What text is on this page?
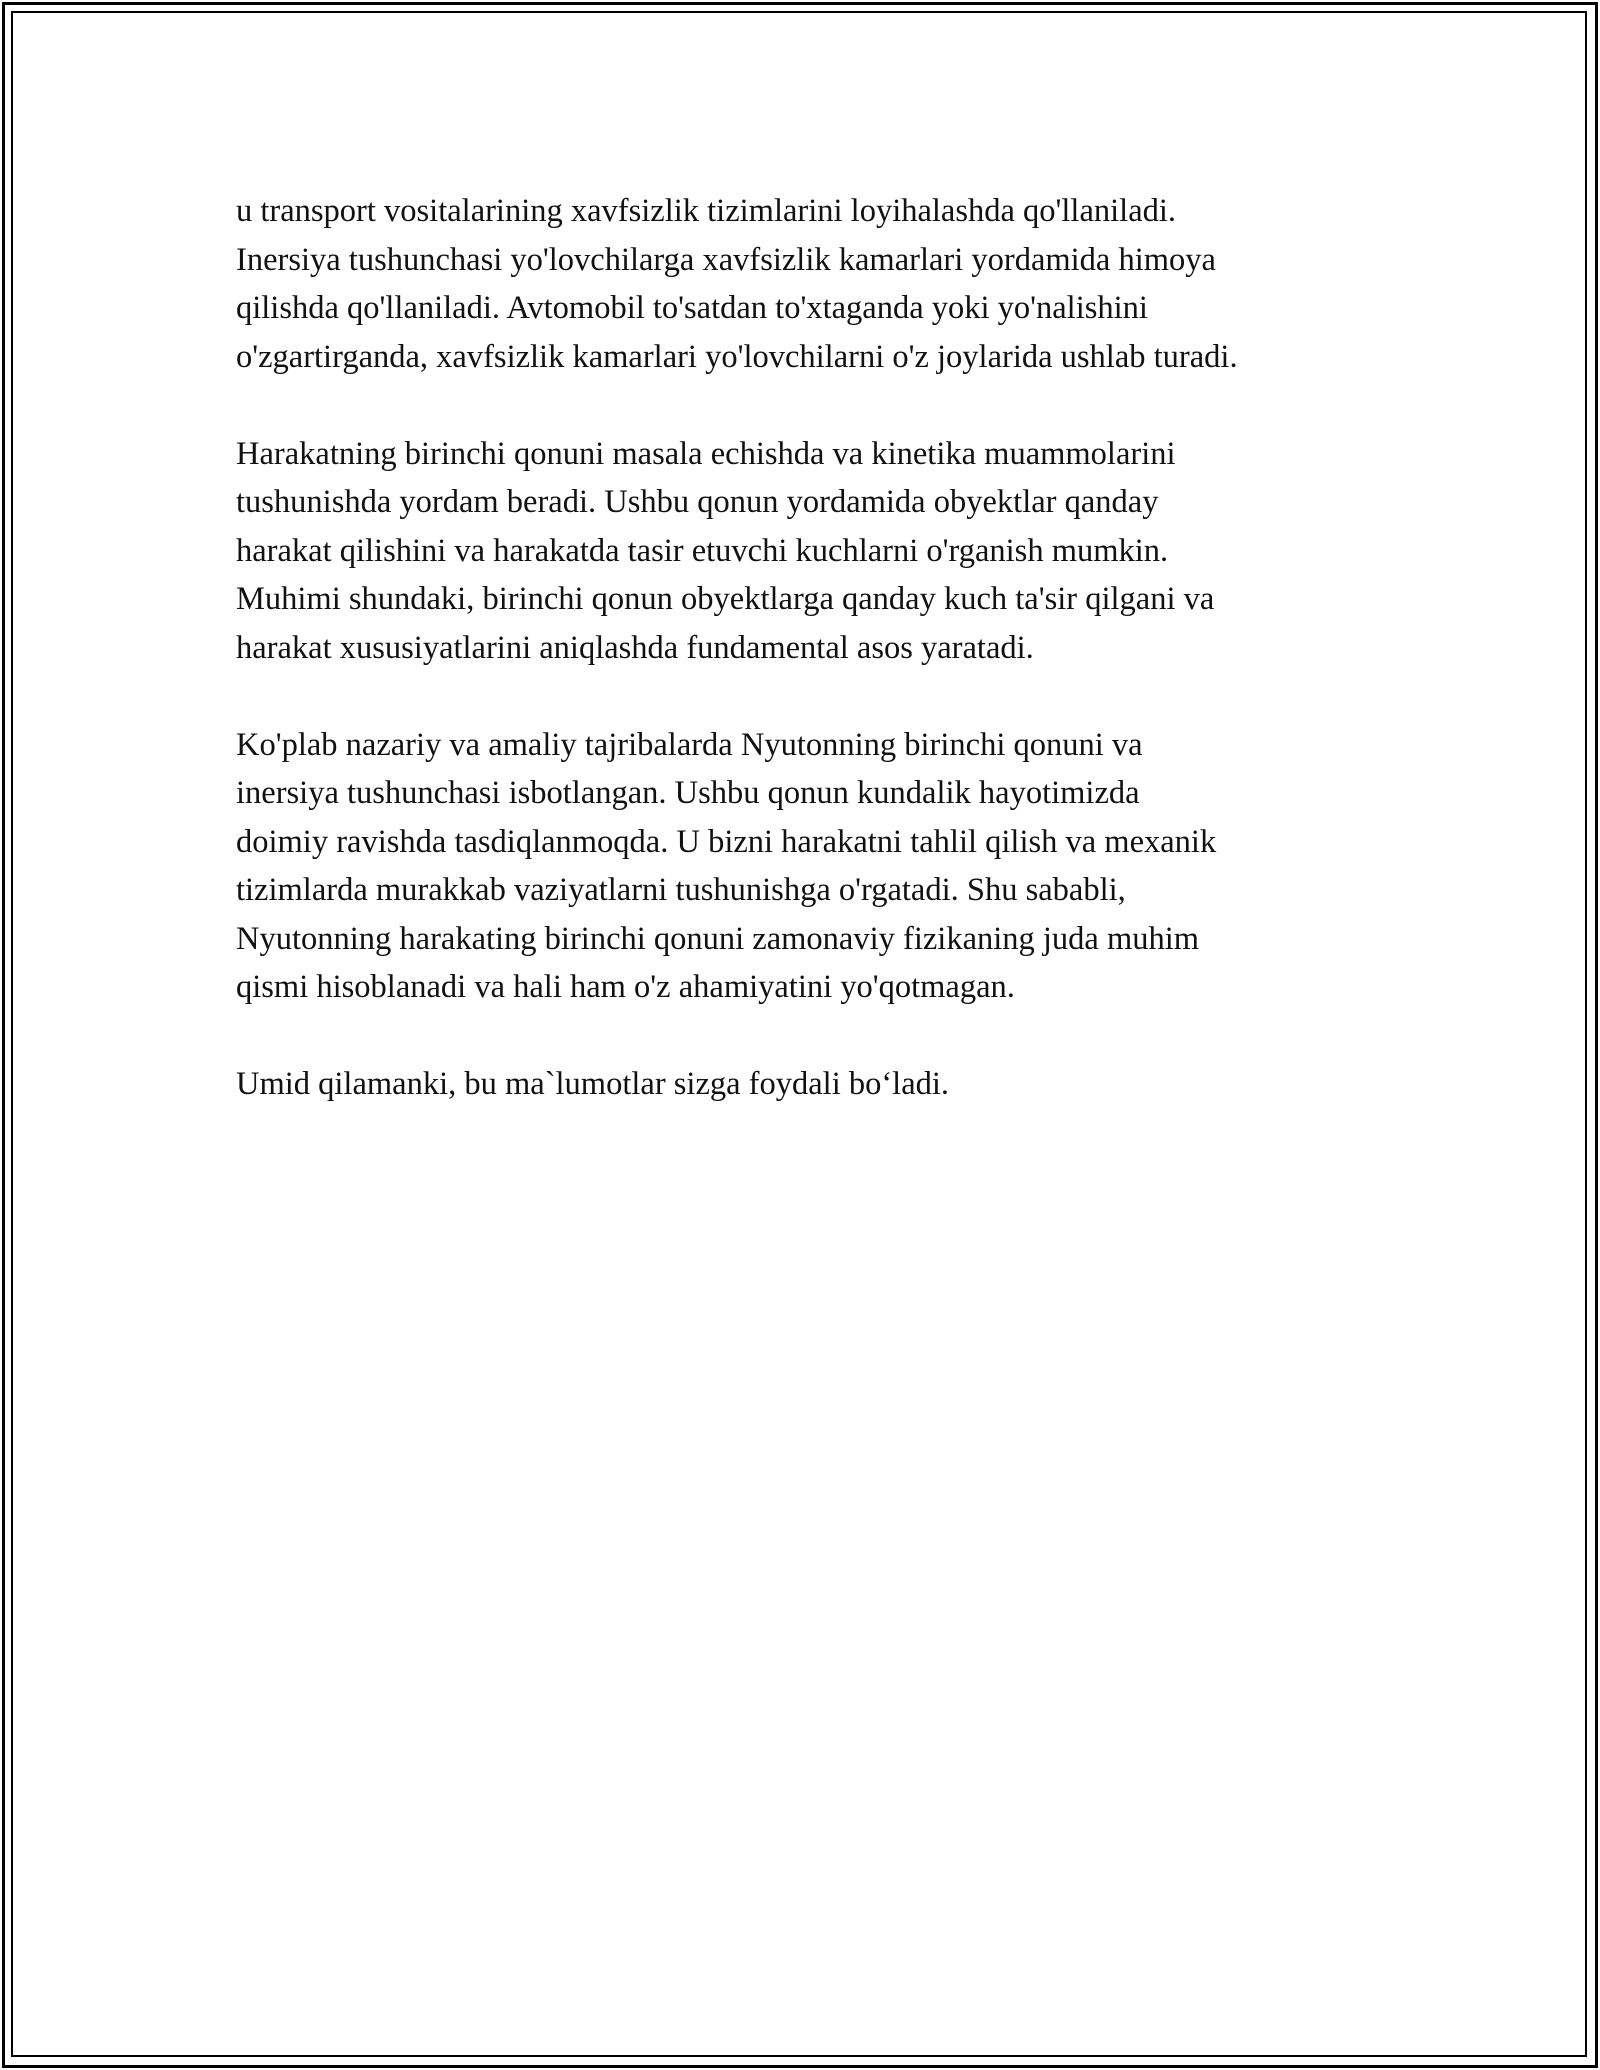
u transport vositalarining xavfsizlik tizimlarini loyihalashda qo'llaniladi.
Inersiya tushunchasi yo'lovchilarga xavfsizlik kamarlari yordamida himoya
qilishda qo'llaniladi. Avtomobil to'satdan to'xtaganda yoki yo'nalishini
o'zgartirganda, xavfsizlik kamarlari yo'lovchilarni o'z joylarida ushlab turadi.

Harakatning birinchi qonuni masala echishda va kinetika muammolarini
tushunishda yordam beradi. Ushbu qonun yordamida obyektlar qanday
harakat qilishini va harakatda tasir etuvchi kuchlarni o'rganish mumkin.
Muhimi shundaki, birinchi qonun obyektlarga qanday kuch ta'sir qilgani va
harakat xususiyatlarini aniqlashda fundamental asos yaratadi.

Ko'plab nazariy va amaliy tajribalarda Nyutonning birinchi qonuni va
inersiya tushunchasi isbotlangan. Ushbu qonun kundalik hayotimizda
doimiy ravishda tasdiqlanmoqda. U bizni harakatni tahlil qilish va mexanik
tizimlarda murakkab vaziyatlarni tushunishga o'rgatadi. Shu sababli,
Nyutonning harakating birinchi qonuni zamonaviy fizikaning juda muhim
qismi hisoblanadi va hali ham o'z ahamiyatini yo'qotmagan.

Umid qilamanki, bu ma`lumotlar sizga foydali bo‘ladi.
